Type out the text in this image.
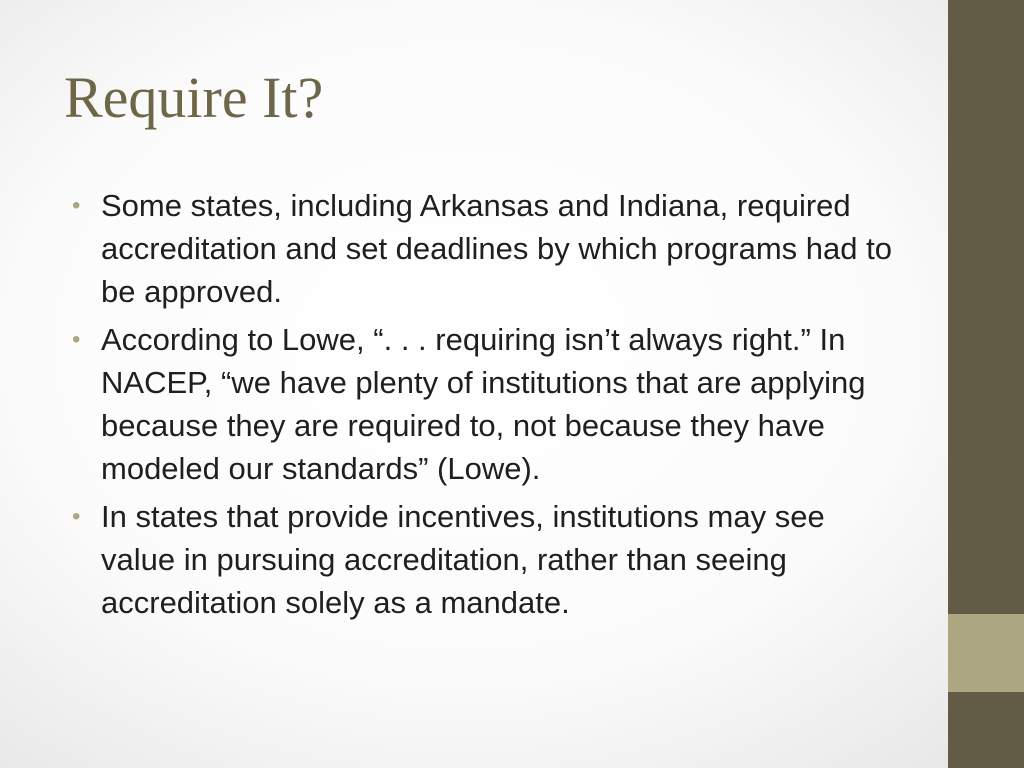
Require It?
• Some states, including Arkansas and Indiana, required accreditation and set deadlines by which programs had to be approved.
• According to Lowe, “. . . requiring isn’t always right.” In NACEP, “we have plenty of institutions that are applying because they are required to, not because they have modeled our standards” (Lowe).
• In states that provide incentives, institutions may see value in pursuing accreditation, rather than seeing accreditation solely as a mandate.
